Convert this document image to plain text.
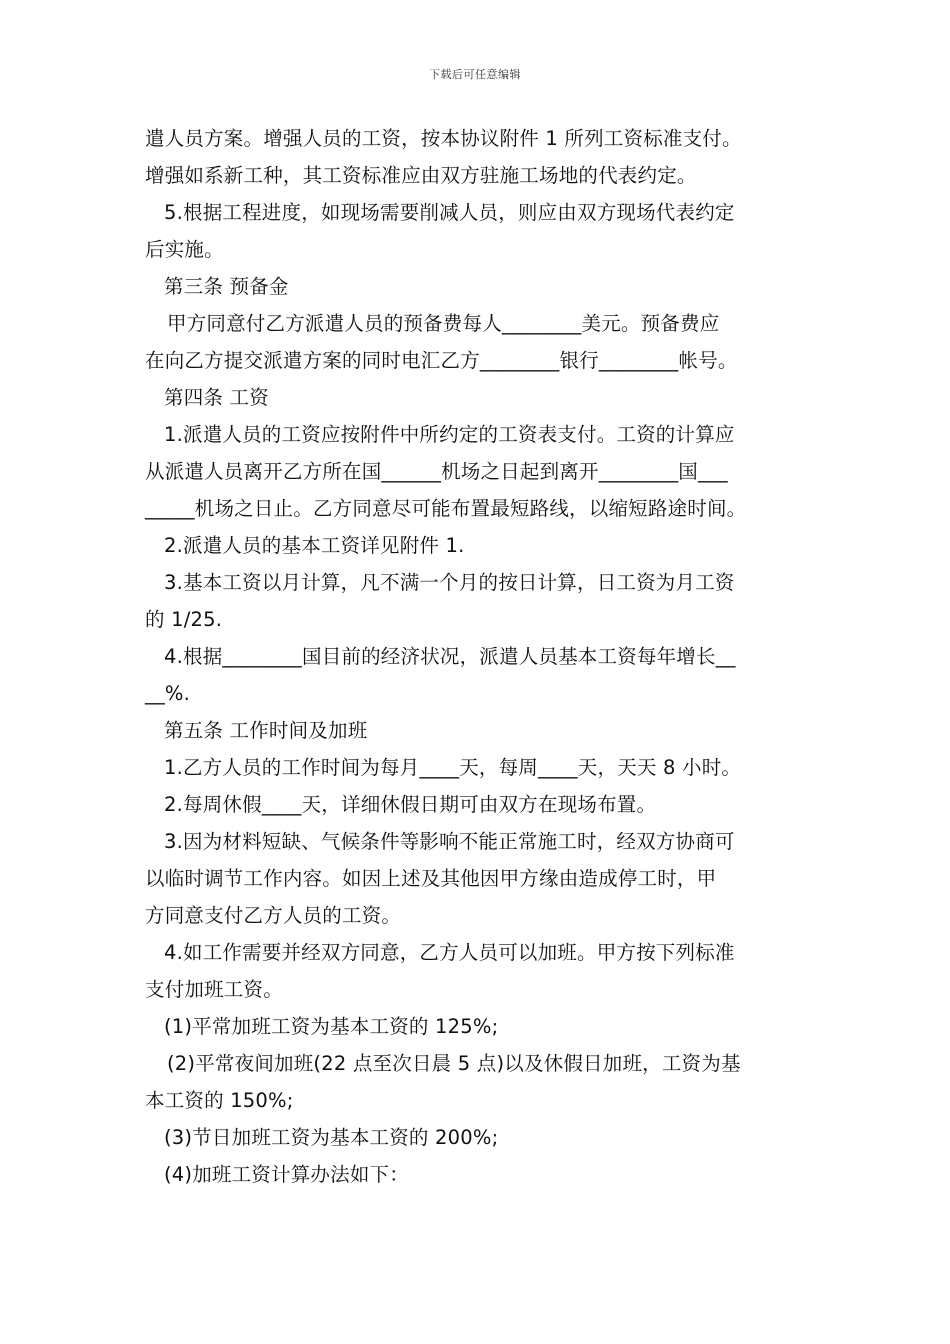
下载后可任意编辑
遣人员方案。增强人员的工资，按本协议附件 1 所列工资标准支付。
增强如系新工种，其工资标准应由双方驻施工场地的代表约定。
5.根据工程进度，如现场需要削减人员，则应由双方现场代表约定
后实施。
第三条 预备金
甲方同意付乙方派遣人员的预备费每人________美元。预备费应
在向乙方提交派遣方案的同时电汇乙方________银行________帐号。
第四条 工资
1.派遣人员的工资应按附件中所约定的工资表支付。工资的计算应
从派遣人员离开乙方所在国______机场之日起到离开________国___
_____机场之日止。乙方同意尽可能布置最短路线，以缩短路途时间。
2.派遣人员的基本工资详见附件 1.
3.基本工资以月计算，凡不满一个月的按日计算，日工资为月工资
的 1/25.
4.根据________国目前的经济状况，派遣人员基本工资每年增长__
__%.
第五条 工作时间及加班
1.乙方人员的工作时间为每月____天，每周____天，天天 8 小时。
2.每周休假____天，详细休假日期可由双方在现场布置。
3.因为材料短缺、气候条件等影响不能正常施工时，经双方协商可
以临时调节工作内容。如因上述及其他因甲方缘由造成停工时，甲
方同意支付乙方人员的工资。
4.如工作需要并经双方同意，乙方人员可以加班。甲方按下列标准
支付加班工资。
(1)平常加班工资为基本工资的 125%;
(2)平常夜间加班(22 点至次日晨 5 点)以及休假日加班，工资为基
本工资的 150%;
(3)节日加班工资为基本工资的 200%;
(4)加班工资计算办法如下：
